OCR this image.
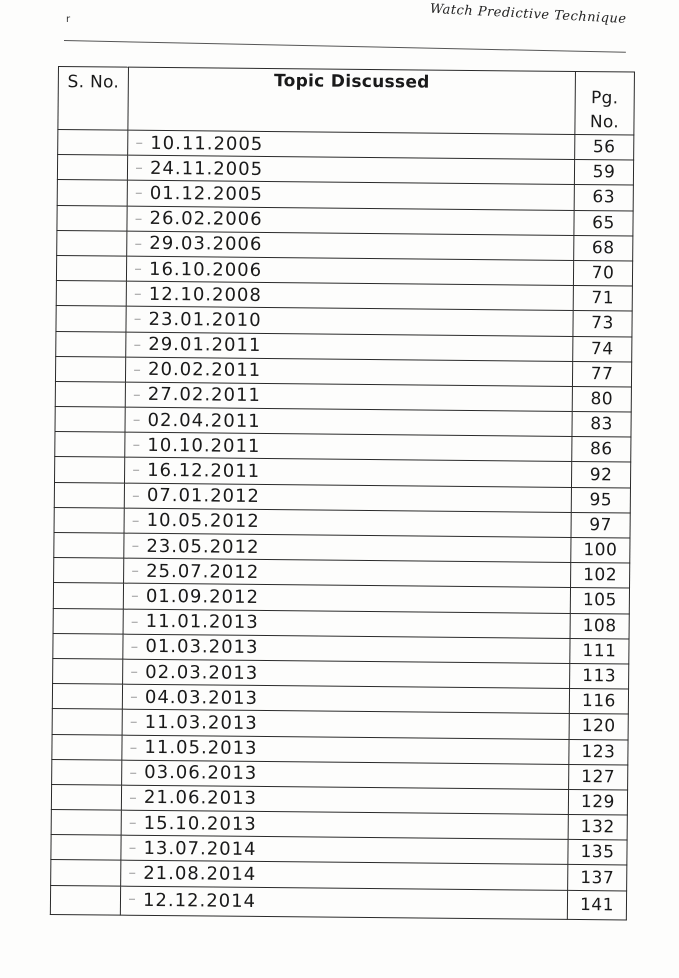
r	Watch Predictive Technique
S. No.	Topic Discussed	Pg. No.
	10.11.2005	56
	24.11.2005	59
	01.12.2005	63
	26.02.2006	65
	29.03.2006	68
	16.10.2006	70
	12.10.2008	71
	23.01.2010	73
	29.01.2011	74
	20.02.2011	77
	27.02.2011	80
	02.04.2011	83
	10.10.2011	86
	16.12.2011	92
	07.01.2012	95
	10.05.2012	97
	23.05.2012	100
	25.07.2012	102
	01.09.2012	105
	11.01.2013	108
	01.03.2013	111
	02.03.2013	113
	04.03.2013	116
	11.03.2013	120
	11.05.2013	123
	03.06.2013	127
	21.06.2013	129
	15.10.2013	132
	13.07.2014	135
	21.08.2014	137
	12.12.2014	141
